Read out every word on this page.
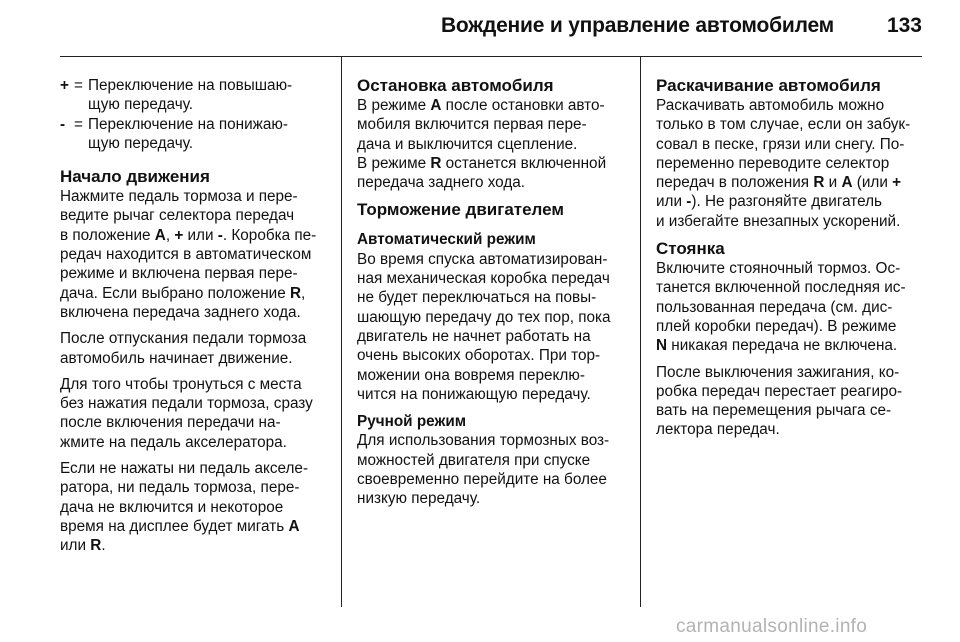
Вождение и управление автомобилем	133
+ = Переключение на повышаю-
щую передачу.
- = Переключение на понижаю-
щую передачу.
Начало движения

Нажмите педаль тормоза и пере-
ведите рычаг селектора передач
в положение A, + или -. Коробка пе-
редач находится в автоматическом
режиме и включена первая пере-
дача. Если выбрано положение R,
включена передача заднего хода.

После отпускания педали тормоза
автомобиль начинает движение.

Для того чтобы тронуться с места
без нажатия педали тормоза, сразу
после включения передачи на-
жмите на педаль акселератора.

Если не нажаты ни педаль акселе-
ратора, ни педаль тормоза, пере-
дача не включится и некоторое
время на дисплее будет мигать A
или R.

Остановка автомобиля

В режиме A после остановки авто-
мобиля включится первая пере-
дача и выключится сцепление.

В режиме R останется включенной
передача заднего хода.

Торможение двигателем
Автоматический режим

Во время спуска автоматизирован-
ная механическая коробка передач
не будет переключаться на повы-
шающую передачу до тех пор, пока
двигатель не начнет работать на
очень высоких оборотах. При тор-
можении она вовремя переклю-
чится на понижающую передачу.

Ручной режим

Для использования тормозных воз-
можностей двигателя при спуске
своевременно перейдите на более
низкую передачу.

Раскачивание автомобиля

Раскачивать автомобиль можно
только в том случае, если он забук-
совал в песке, грязи или снегу. По-
переменно переводите селектор
передач в положения R и A (или +
или -). Не разгоняйте двигатель
и избегайте внезапных ускорений.

Стоянка

Включите стояночный тормоз. Ос-
танется включенной последняя ис-
пользованная передача (см. дис-
плей коробки передач). В режиме
N никакая передача не включена.

После выключения зажигания, ко-
робка передач перестает реагиро-
вать на перемещения рычага се-
лектора передач.

carmanualsonline.info
